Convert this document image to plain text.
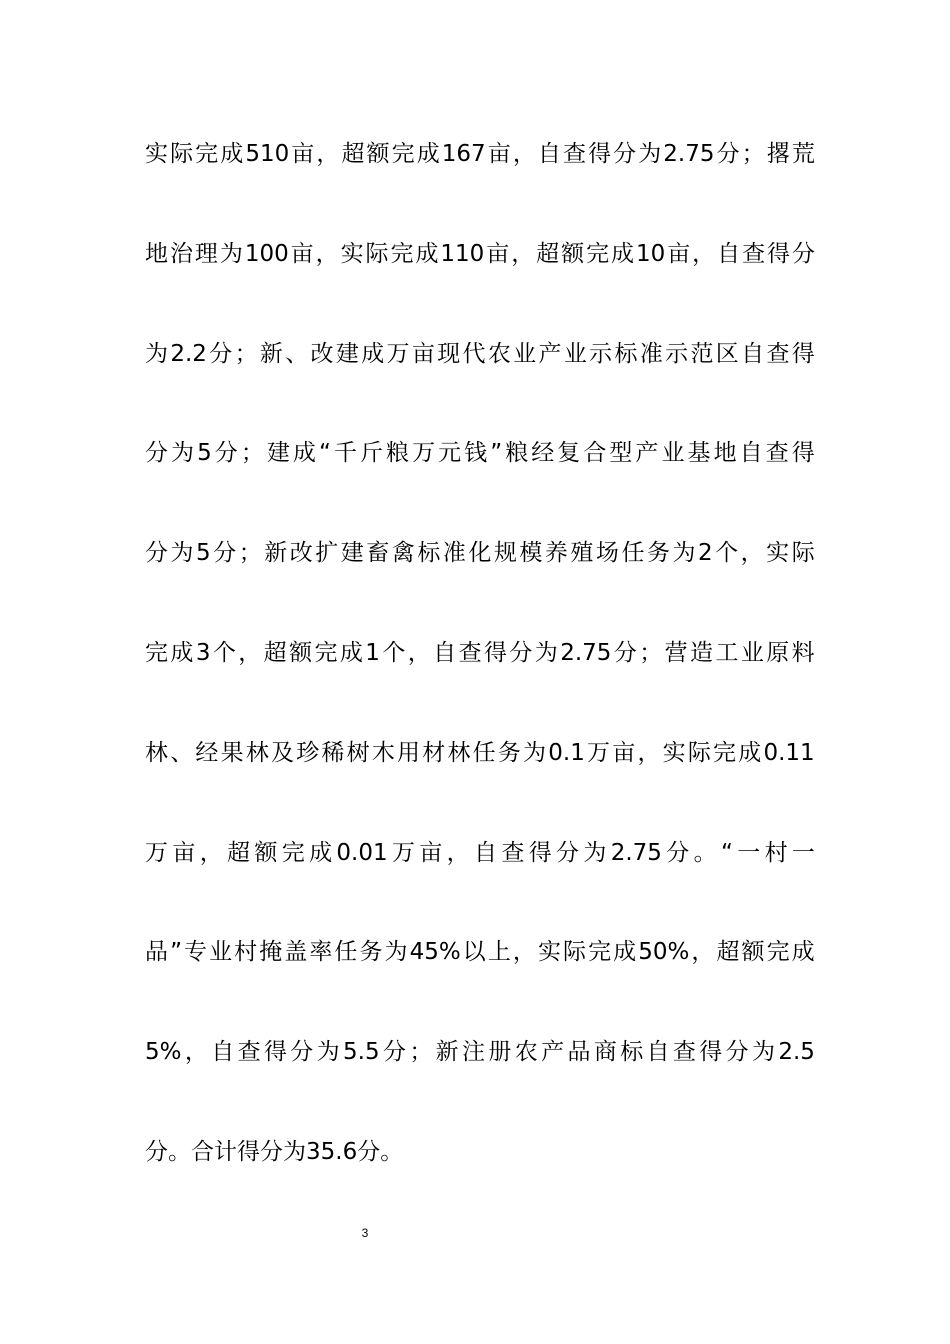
实 际 完 成 510 亩 ， 超 额 完 成 167 亩 ， 自 查 得 分 为 2.75 分 ； 撂 荒
地 治 理 为 100 亩 ， 实 际 完 成 110 亩 ， 超 额 完 成 10 亩 ， 自 查 得 分
为 2.2 分 ； 新 、 改 建 成 万 亩 现 代 农 业 产 业 示 标 准 示 范 区 自 查 得
分 为 5 分 ； 建 成 “ 千 斤 粮 万 元 钱 ” 粮 经 复 合 型 产 业 基 地 自 查 得
分 为 5 分 ； 新 改 扩 建 畜 禽 标 准 化 规 模 养 殖 场 任 务 为 2 个 ， 实 际
完 成 3 个 ， 超 额 完 成 1 个 ， 自 查 得 分 为 2.75 分 ； 营 造 工 业 原 料
林 、 经 果 林 及 珍 稀 树 木 用 材 林 任 务 为 0.1 万 亩 ， 实 际 完 成 0.11
万 亩 ， 超 额 完 成 0.01 万 亩 ， 自 查 得 分 为 2.75 分 。 “ 一 村 一
品 ” 专 业 村 掩 盖 率 任 务 为 45% 以 上 ， 实 际 完 成 50% ， 超 额 完 成
5% ， 自 查 得 分 为 5.5 分 ； 新 注 册 农 产 品 商 标 自 查 得 分 为 2.5
分。合计得分为35.6分。
3
